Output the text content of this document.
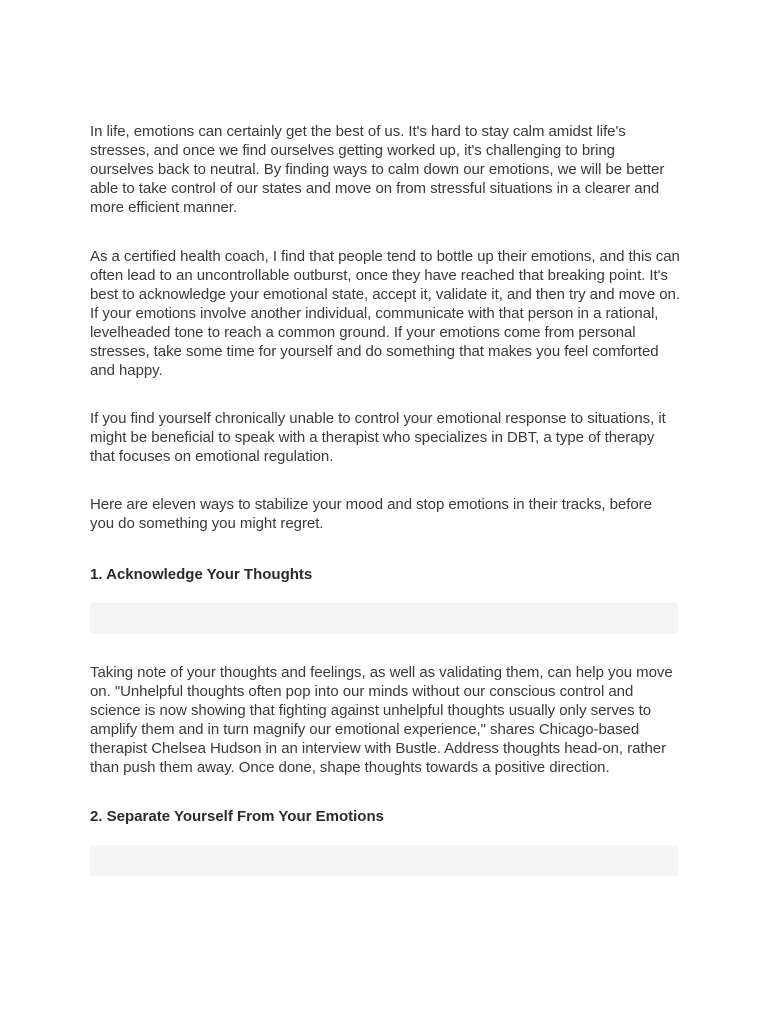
In life, emotions can certainly get the best of us. It's hard to stay calm amidst life's stresses, and once we find ourselves getting worked up, it's challenging to bring ourselves back to neutral. By finding ways to calm down our emotions, we will be better able to take control of our states and move on from stressful situations in a clearer and more efficient manner.

As a certified health coach, I find that people tend to bottle up their emotions, and this can often lead to an uncontrollable outburst, once they have reached that breaking point. It's best to acknowledge your emotional state, accept it, validate it, and then try and move on. If your emotions involve another individual, communicate with that person in a rational, levelheaded tone to reach a common ground. If your emotions come from personal stresses, take some time for yourself and do something that makes you feel comforted and happy.

If you find yourself chronically unable to control your emotional response to situations, it might be beneficial to speak with a therapist who specializes in DBT, a type of therapy that focuses on emotional regulation.

Here are eleven ways to stabilize your mood and stop emotions in their tracks, before you do something you might regret.

1. Acknowledge Your Thoughts

Taking note of your thoughts and feelings, as well as validating them, can help you move on. "Unhelpful thoughts often pop into our minds without our conscious control and science is now showing that fighting against unhelpful thoughts usually only serves to amplify them and in turn magnify our emotional experience," shares Chicago-based therapist Chelsea Hudson in an interview with Bustle. Address thoughts head-on, rather than push them away. Once done, shape thoughts towards a positive direction.

2. Separate Yourself From Your Emotions
